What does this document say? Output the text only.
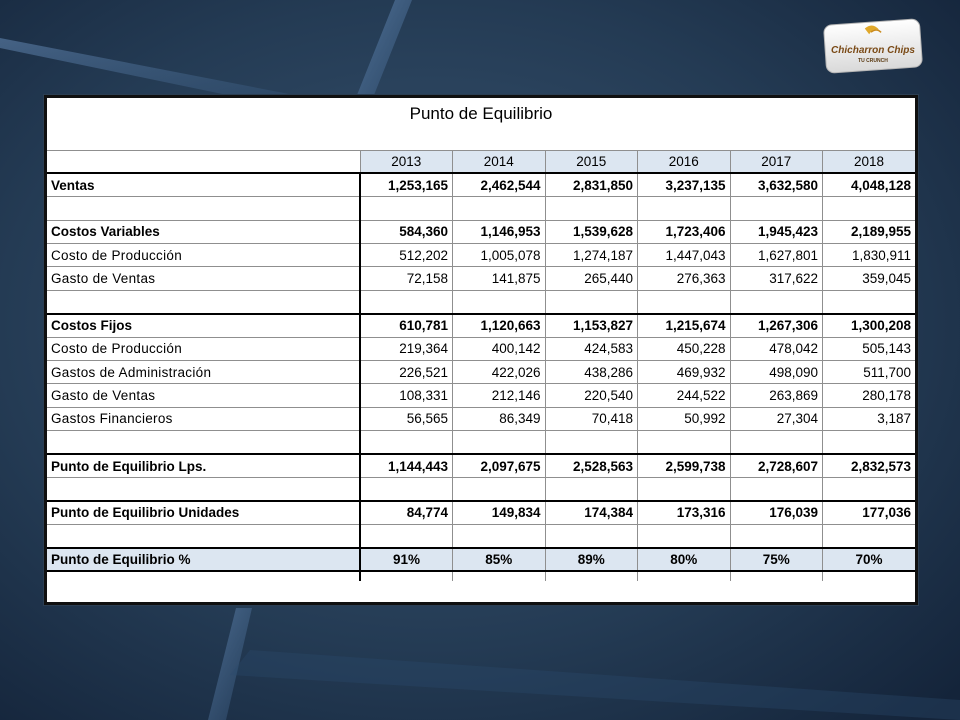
Chicharron Chips
TU CRUNCH
Punto de Equilibrio						
	2013	2014	2015	2016	2017	2018
Ventas	1,253,165	2,462,544	2,831,850	3,237,135	3,632,580	4,048,128

Costos Variables	584,360	1,146,953	1,539,628	1,723,406	1,945,423	2,189,955
Costo de Producción	512,202	1,005,078	1,274,187	1,447,043	1,627,801	1,830,911
Gasto de Ventas	72,158	141,875	265,440	276,363	317,622	359,045

Costos Fijos	610,781	1,120,663	1,153,827	1,215,674	1,267,306	1,300,208
Costo de Producción	219,364	400,142	424,583	450,228	478,042	505,143
Gastos de Administración	226,521	422,026	438,286	469,932	498,090	511,700
Gasto de Ventas	108,331	212,146	220,540	244,522	263,869	280,178
Gastos Financieros	56,565	86,349	70,418	50,992	27,304	3,187

Punto de Equilibrio Lps.	1,144,443	2,097,675	2,528,563	2,599,738	2,728,607	2,832,573

Punto de Equilibrio Unidades	84,774	149,834	174,384	173,316	176,039	177,036

Punto de Equilibrio %	91%	85%	89%	80%	75%	70%
